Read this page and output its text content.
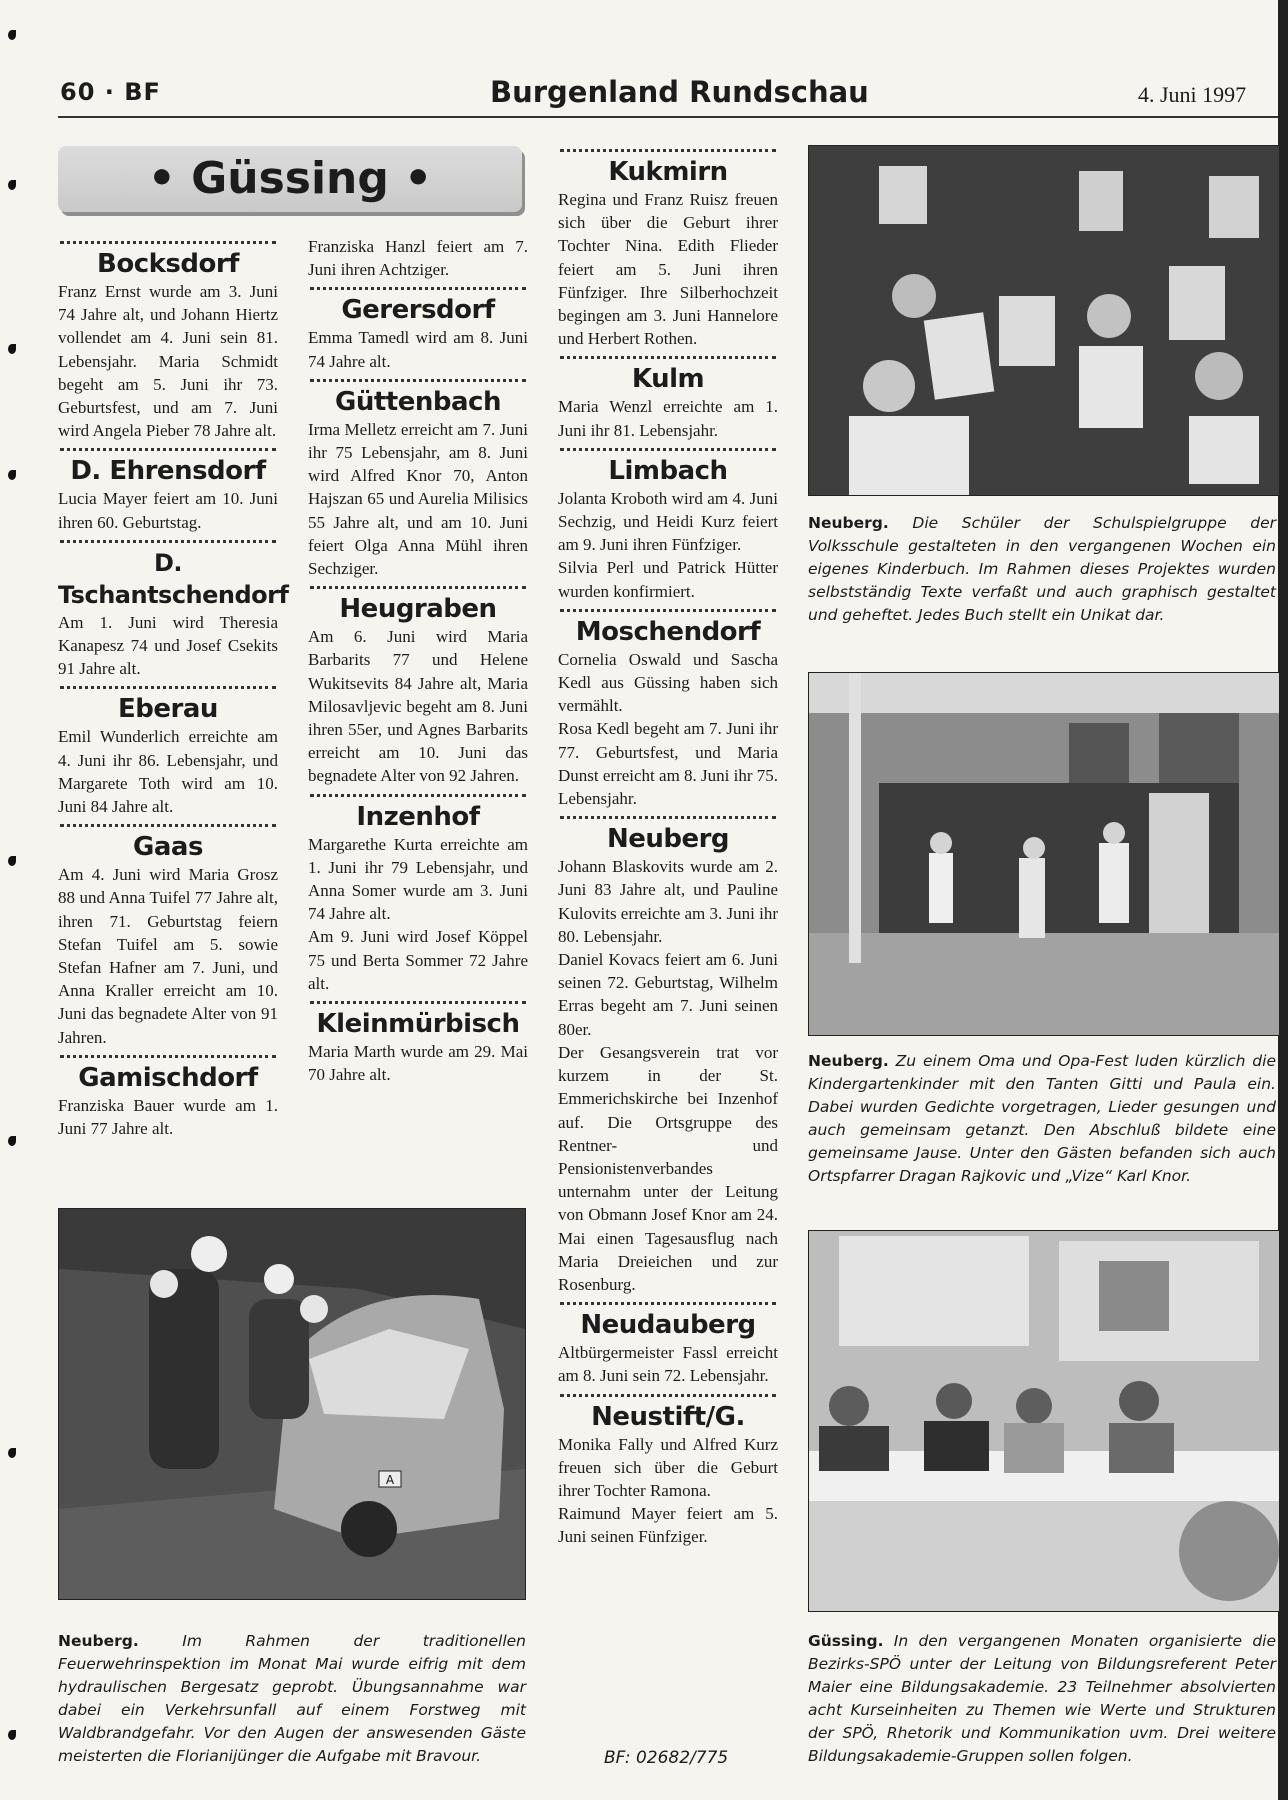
60 · BF	Burgenland Rundschau	4. Juni 1997
• Güssing •
Bocksdorf

Franz Ernst wurde am 3. Juni 74 Jahre alt, und Johann Hiertz vollendet am 4. Juni sein 81. Lebensjahr. Maria Schmidt begeht am 5. Juni ihr 73. Geburtsfest, und am 7. Juni wird Angela Pieber 78 Jahre alt.

D. Ehrensdorf

Lucia Mayer feiert am 10. Juni ihren 60. Geburtstag.

D. Tschantschendorf

Am 1. Juni wird Theresia Kanapesz 74 und Josef Csekits 91 Jahre alt.

Eberau

Emil Wunderlich erreichte am 4. Juni ihr 86. Lebensjahr, und Margarete Toth wird am 10. Juni 84 Jahre alt.

Gaas

Am 4. Juni wird Maria Grosz 88 und Anna Tuifel 77 Jahre alt, ihren 71. Geburtstag feiern Stefan Tuifel am 5. sowie Stefan Hafner am 7. Juni, und Anna Kraller erreicht am 10. Juni das begnadete Alter von 91 Jahren.

Gamischdorf

Franziska Bauer wurde am 1. Juni 77 Jahre alt.

Franziska Hanzl feiert am 7. Juni ihren Achtziger.

Gerersdorf

Emma Tamedl wird am 8. Juni 74 Jahre alt.

Güttenbach

Irma Melletz erreicht am 7. Juni ihr 75 Lebensjahr, am 8. Juni wird Alfred Knor 70, Anton Hajszan 65 und Aurelia Milisics 55 Jahre alt, und am 10. Juni feiert Olga Anna Mühl ihren Sechziger.

Heugraben

Am 6. Juni wird Maria Barbarits 77 und Helene Wukitsevits 84 Jahre alt, Maria Milosavljevic begeht am 8. Juni ihren 55er, und Agnes Barbarits erreicht am 10. Juni das begnadete Alter von 92 Jahren.

Inzenhof

Margarethe Kurta erreichte am 1. Juni ihr 79 Lebensjahr, und Anna Somer wurde am 3. Juni 74 Jahre alt.

Am 9. Juni wird Josef Köppel 75 und Berta Sommer 72 Jahre alt.

Kleinmürbisch

Maria Marth wurde am 29. Mai 70 Jahre alt.

Kukmirn

Regina und Franz Ruisz freuen sich über die Geburt ihrer Tochter Nina. Edith Flieder feiert am 5. Juni ihren Fünfziger. Ihre Silberhochzeit begingen am 3. Juni Hannelore und Herbert Rothen.

Kulm

Maria Wenzl erreichte am 1. Juni ihr 81. Lebensjahr.

Limbach

Jolanta Kroboth wird am 4. Juni Sechzig, und Heidi Kurz feiert am 9. Juni ihren Fünfziger.

Silvia Perl und Patrick Hütter wurden konfirmiert.

Moschendorf

Cornelia Oswald und Sascha Kedl aus Güssing haben sich vermählt.

Rosa Kedl begeht am 7. Juni ihr 77. Geburtsfest, und Maria Dunst erreicht am 8. Juni ihr 75. Lebensjahr.

Neuberg

Johann Blaskovits wurde am 2. Juni 83 Jahre alt, und Pauline Kulovits erreichte am 3. Juni ihr 80. Lebensjahr.

Daniel Kovacs feiert am 6. Juni seinen 72. Geburtstag, Wilhelm Erras begeht am 7. Juni seinen 80er.

Der Gesangsverein trat vor kurzem in der St. Emmerichskirche bei Inzenhof auf. Die Ortsgruppe des Rentner- und Pensionistenverbandes unternahm unter der Leitung von Obmann Josef Knor am 24. Mai einen Tagesausflug nach Maria Dreieichen und zur Rosenburg.

Neudauberg

Altbürgermeister Fassl erreicht am 8. Juni sein 72. Lebensjahr.

Neustift/G.

Monika Fally und Alfred Kurz freuen sich über die Geburt ihrer Tochter Ramona.

Raimund Mayer feiert am 5. Juni seinen Fünfziger.

A
Neuberg. Die Schüler der Schulspielgruppe der Volksschule gestalteten in den vergangenen Wochen ein eigenes Kinderbuch. Im Rahmen dieses Projektes wurden selbstständig Texte verfaßt und auch graphisch gestaltet und geheftet. Jedes Buch stellt ein Unikat dar.
Neuberg. Zu einem Oma und Opa-Fest luden kürzlich die Kindergartenkinder mit den Tanten Gitti und Paula ein. Dabei wurden Gedichte vorgetragen, Lieder gesungen und auch gemeinsam getanzt. Den Abschluß bildete eine gemeinsame Jause. Unter den Gästen befanden sich auch Ortspfarrer Dragan Rajkovic und „Vize“ Karl Knor.
Güssing. In den vergangenen Monaten organisierte die Bezirks-SPÖ unter der Leitung von Bildungsreferent Peter Maier eine Bildungsakademie. 23 Teilnehmer absolvierten acht Kurseinheiten zu Themen wie Werte und Strukturen der SPÖ, Rhetorik und Kommunikation uvm. Drei weitere Bildungsakademie-Gruppen sollen folgen.
Neuberg. Im Rahmen der traditionellen Feuerwehrinspektion im Monat Mai wurde eifrig mit dem hydraulischen Bergesatz geprobt. Übungsannahme war dabei ein Verkehrsunfall auf einem Forstweg mit Waldbrandgefahr. Vor den Augen der answesenden Gäste meisterten die Florianijünger die Aufgabe mit Bravour.	BF: 02682/775
